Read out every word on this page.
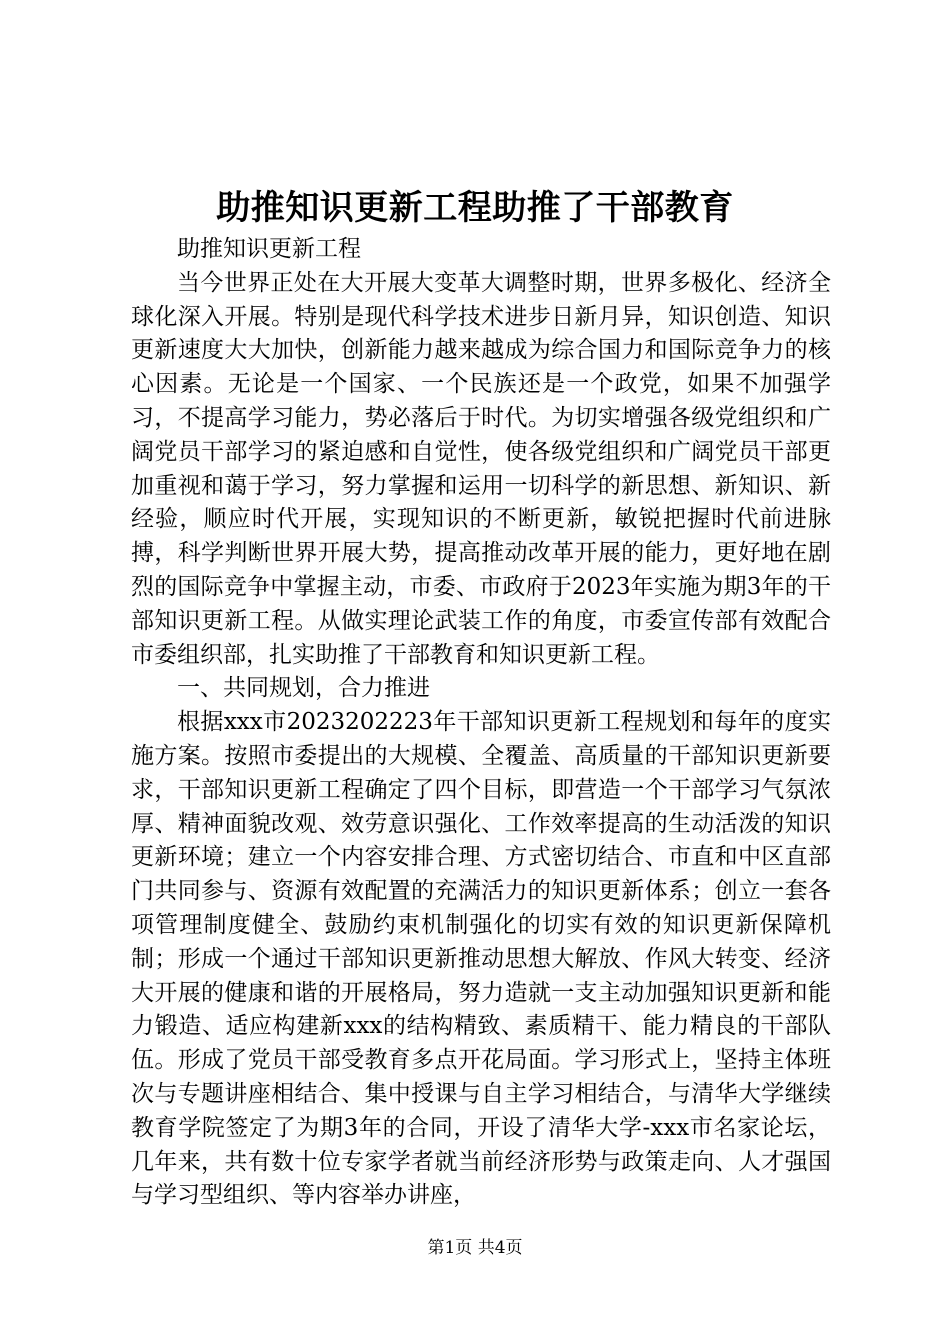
助推知识更新工程助推了干部教育

助推知识更新工程

当今世界正处在大开展大变革大调整时期，世界多极化、经济全球化深入开展。特别是现代科学技术进步日新月异，知识创造、知识更新速度大大加快，创新能力越来越成为综合国力和国际竞争力的核心因素。无论是一个国家、一个民族还是一个政党，如果不加强学习，不提高学习能力，势必落后于时代。为切实增强各级党组织和广阔党员干部学习的紧迫感和自觉性，使各级党组织和广阔党员干部更加重视和蔼于学习，努力掌握和运用一切科学的新思想、新知识、新经验，顺应时代开展，实现知识的不断更新，敏锐把握时代前进脉搏，科学判断世界开展大势，提高推动改革开展的能力，更好地在剧烈的国际竞争中掌握主动，市委、市政府于2023年实施为期3年的干部知识更新工程。从做实理论武装工作的角度，市委宣传部有效配合市委组织部，扎实助推了干部教育和知识更新工程。

一、共同规划，合力推进

根据xxx市2023202223年干部知识更新工程规划和每年的度实施方案。按照市委提出的大规模、全覆盖、高质量的干部知识更新要求，干部知识更新工程确定了四个目标，即营造一个干部学习气氛浓厚、精神面貌改观、效劳意识强化、工作效率提高的生动活泼的知识更新环境；建立一个内容安排合理、方式密切结合、市直和中区直部门共同参与、资源有效配置的充满活力的知识更新体系；创立一套各项管理制度健全、鼓励约束机制强化的切实有效的知识更新保障机制；形成一个通过干部知识更新推动思想大解放、作风大转变、经济大开展的健康和谐的开展格局，努力造就一支主动加强知识更新和能力锻造、适应构建新xxx的结构精致、素质精干、能力精良的干部队伍。形成了党员干部受教育多点开花局面。学习形式上，坚持主体班次与专题讲座相结合、集中授课与自主学习相结合，与清华大学继续教育学院签定了为期3年的合同，开设了清华大学-xxx市名家论坛，几年来，共有数十位专家学者就当前经济形势与政策走向、人才强国与学习型组织、等内容举办讲座，

第1页 共4页
